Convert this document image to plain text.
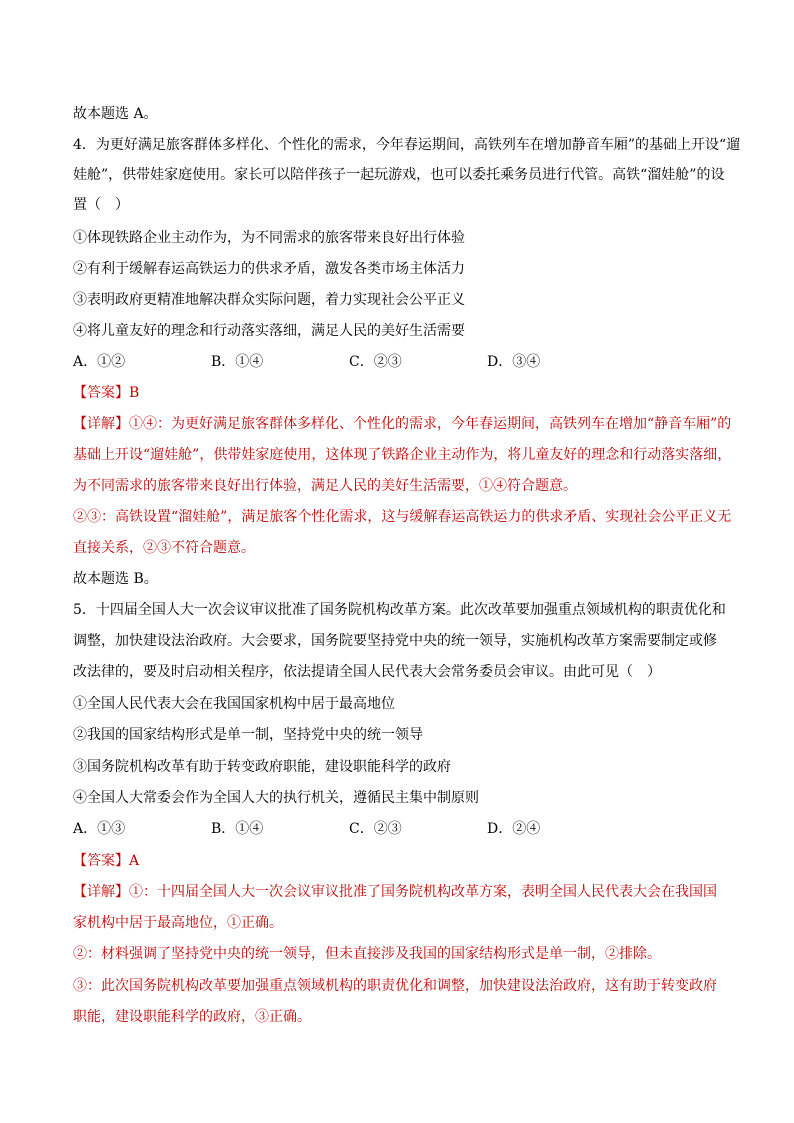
故本题选 A。
4．为更好满足旅客群体多样化、个性化的需求，今年春运期间，高铁列车在增加静音车厢”的基础上开设“遛
娃舱”，供带娃家庭使用。家长可以陪伴孩子一起玩游戏，也可以委托乘务员进行代管。高铁“溜娃舱”的设
置（　）
①体现铁路企业主动作为，为不同需求的旅客带来良好出行体验
②有利于缓解春运高铁运力的供求矛盾，激发各类市场主体活力
③表明政府更精准地解决群众实际问题，着力实现社会公平正义
④将儿童友好的理念和行动落实落细，满足人民的美好生活需要
A．①②	B．①④	C．②③	D．③④
【答案】B
【详解】①④：为更好满足旅客群体多样化、个性化的需求，今年春运期间，高铁列车在增加“静音车厢”的
基础上开设“遛娃舱”，供带娃家庭使用，这体现了铁路企业主动作为，将儿童友好的理念和行动落实落细，
为不同需求的旅客带来良好出行体验，满足人民的美好生活需要，①④符合题意。
②③：高铁设置“溜娃舱”，满足旅客个性化需求，这与缓解春运高铁运力的供求矛盾、实现社会公平正义无
直接关系，②③不符合题意。
故本题选 B。
5．十四届全国人大一次会议审议批准了国务院机构改革方案。此次改革要加强重点领域机构的职责优化和
调整，加快建设法治政府。大会要求，国务院要坚持党中央的统一领导，实施机构改革方案需要制定或修
改法律的，要及时启动相关程序，依法提请全国人民代表大会常务委员会审议。由此可见（　）
①全国人民代表大会在我国国家机构中居于最高地位
②我国的国家结构形式是单一制，坚持党中央的统一领导
③国务院机构改革有助于转变政府职能，建设职能科学的政府
④全国人大常委会作为全国人大的执行机关，遵循民主集中制原则
A．①③	B．①④	C．②③	D．②④
【答案】A
【详解】①：十四届全国人大一次会议审议批准了国务院机构改革方案，表明全国人民代表大会在我国国
家机构中居于最高地位，①正确。
②：材料强调了坚持党中央的统一领导，但未直接涉及我国的国家结构形式是单一制，②排除。
③：此次国务院机构改革要加强重点领域机构的职责优化和调整，加快建设法治政府，这有助于转变政府
职能，建设职能科学的政府，③正确。
